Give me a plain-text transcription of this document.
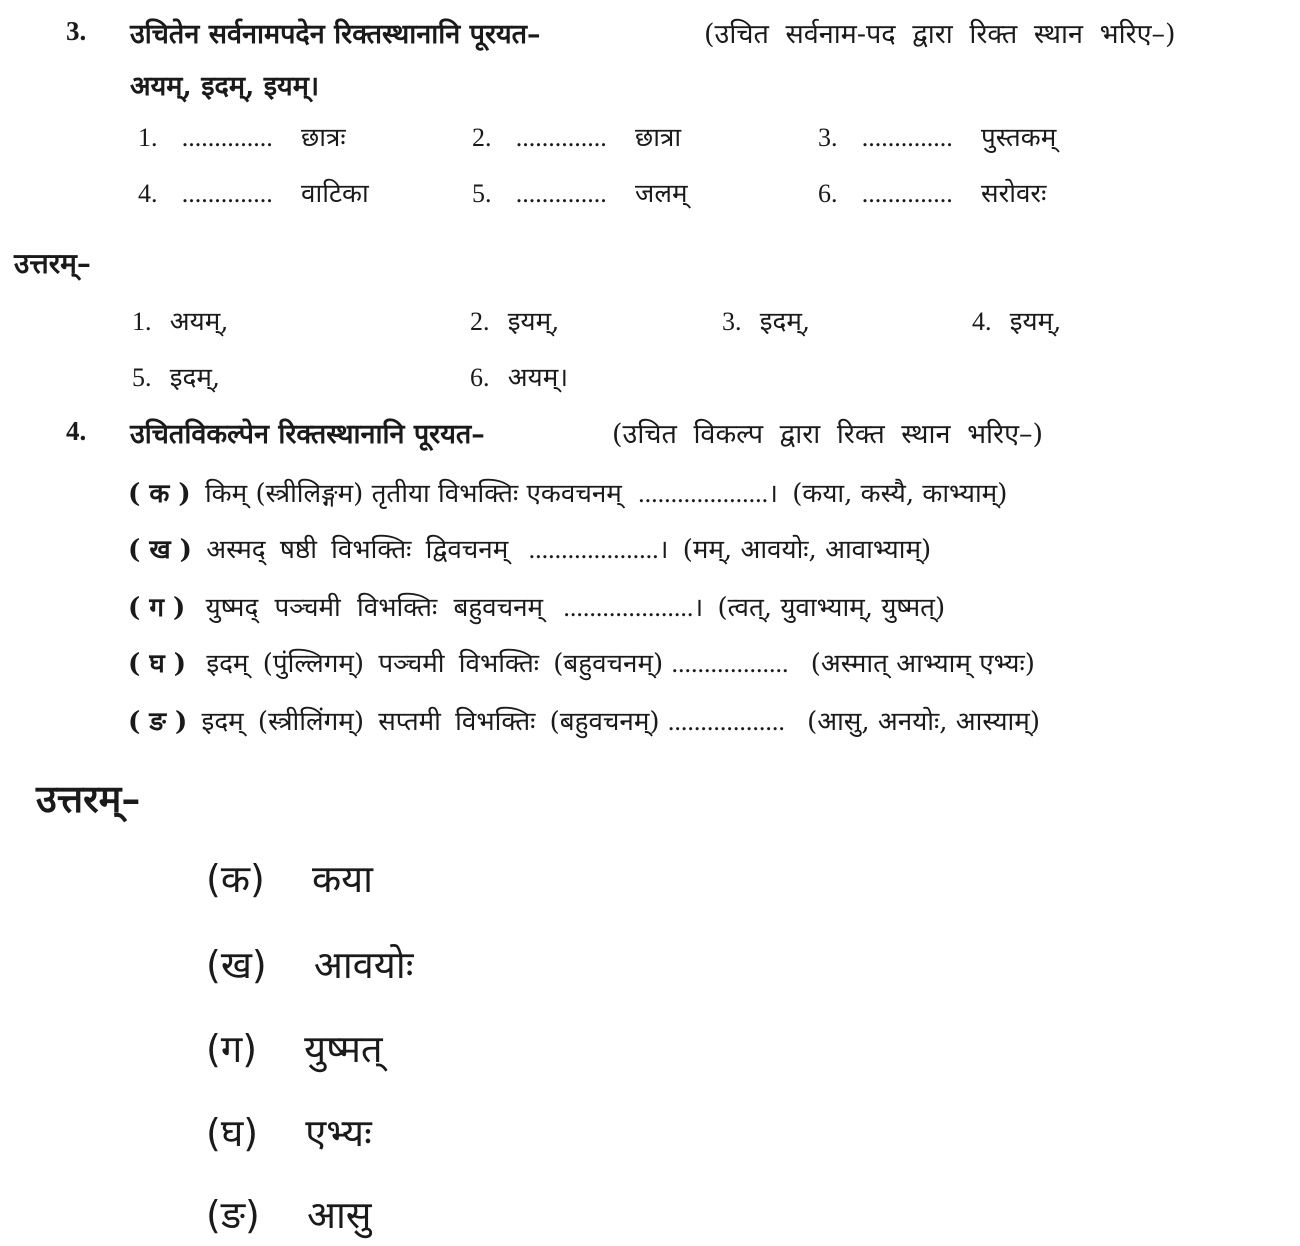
3. उचितेन सर्वनामपदेन रिक्तस्थानानि पूरयत–	(उचित सर्वनाम-पद द्वारा रिक्त स्थान भरिए–)
अयम्, इदम्, इयम्।
1. .............. छात्रः	2. .............. छात्रा	3. .............. पुस्तकम्
4. .............. वाटिका	5. .............. जलम्	6. .............. सरोवरः
उत्तरम्–
1. अयम्,	2. इयम्,	3. इदम्,	4. इयम्,
5. इदम्,	6. अयम्।
4. उचितविकल्पेन रिक्तस्थानानि पूरयत–	(उचित विकल्प द्वारा रिक्त स्थान भरिए–)
( क ) किम् (स्त्रीलिङ्गम) तृतीया विभक्तिः एकवचनम् ....................। (कया, कस्यै, काभ्याम्)
( ख ) अस्मद् षष्ठी विभक्तिः द्विवचनम् ....................। (मम्, आवयोः, आवाभ्याम्)
( ग ) युष्मद् पञ्चमी विभक्तिः बहुवचनम् ....................। (त्वत्, युवाभ्याम्, युष्मत्)
( घ ) इदम् (पुंल्लिगम्) पञ्चमी विभक्तिः (बहुवचनम्) .................. (अस्मात् आभ्याम् एभ्यः)
( ङ ) इदम् (स्त्रीलिंगम्) सप्तमी विभक्तिः (बहुवचनम्) .................. (आसु, अनयोः, आस्याम्)
उत्तरम्–
(क) कया
(ख) आवयोः
(ग) युष्मत्
(घ) एभ्यः
(ङ) आसु
